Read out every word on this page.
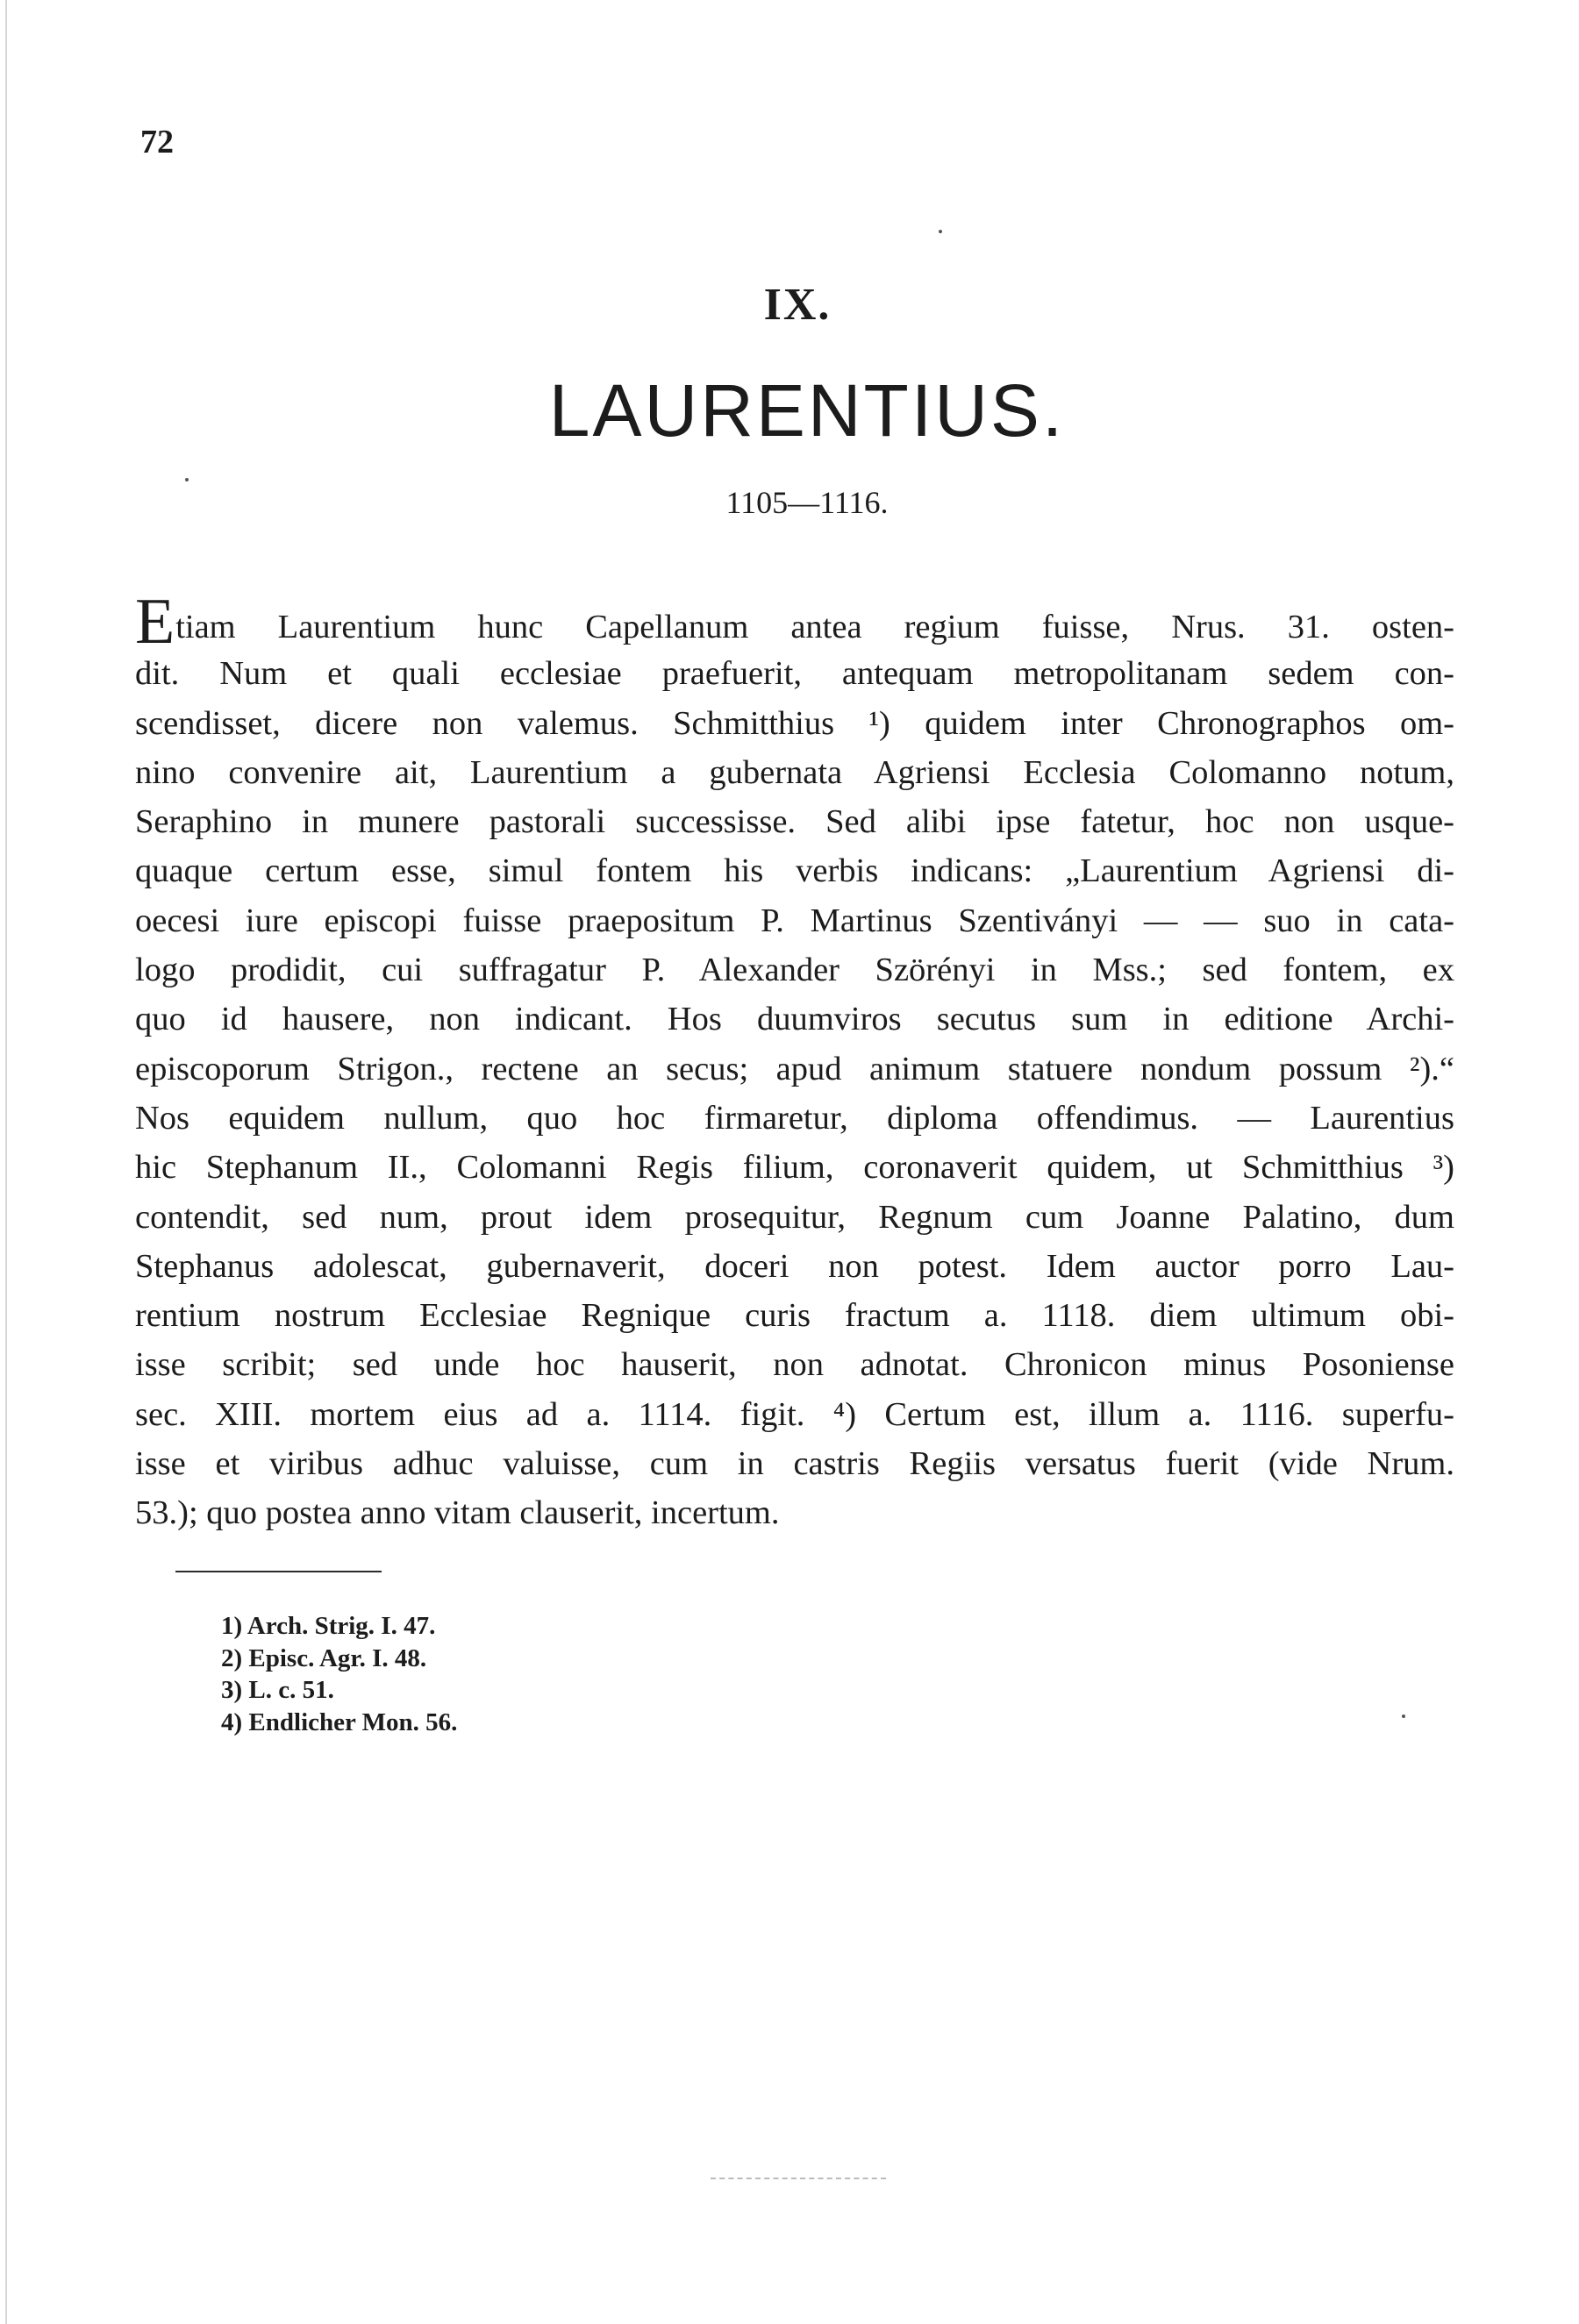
72
IX.
LAURENTIUS.
1105—1116.
Etiam Laurentium hunc Capellanum antea regium fuisse, Nrus. 31. osten-
dit. Num et quali ecclesiae praefuerit, antequam metropolitanam sedem con-
scendisset, dicere non valemus. Schmitthius ¹) quidem inter Chronographos om-
nino convenire ait, Laurentium a gubernata Agriensi Ecclesia Colomanno notum,
Seraphino in munere pastorali successisse. Sed alibi ipse fatetur, hoc non usque-
quaque certum esse, simul fontem his verbis indicans: „Laurentium Agriensi di-
oecesi iure episcopi fuisse praepositum P. Martinus Szentiványi — — suo in cata-
logo prodidit, cui suffragatur P. Alexander Szörényi in Mss.; sed fontem, ex
quo id hausere, non indicant. Hos duumviros secutus sum in editione Archi-
episcoporum Strigon., rectene an secus; apud animum statuere nondum possum ²).“
Nos equidem nullum, quo hoc firmaretur, diploma offendimus. — Laurentius
hic Stephanum II., Colomanni Regis filium, coronaverit quidem, ut Schmitthius ³)
contendit, sed num, prout idem prosequitur, Regnum cum Joanne Palatino, dum
Stephanus adolescat, gubernaverit, doceri non potest. Idem auctor porro Lau-
rentium nostrum Ecclesiae Regnique curis fractum a. 1118. diem ultimum obi-
isse scribit; sed unde hoc hauserit, non adnotat. Chronicon minus Posoniense
sec. XIII. mortem eius ad a. 1114. figit. ⁴) Certum est, illum a. 1116. superfu-
isse et viribus adhuc valuisse, cum in castris Regiis versatus fuerit (vide Nrum.
53.); quo postea anno vitam clauserit, incertum.
1) Arch. Strig. I. 47.
2) Episc. Agr. I. 48.
3) L. c. 51.
4) Endlicher Mon. 56.
